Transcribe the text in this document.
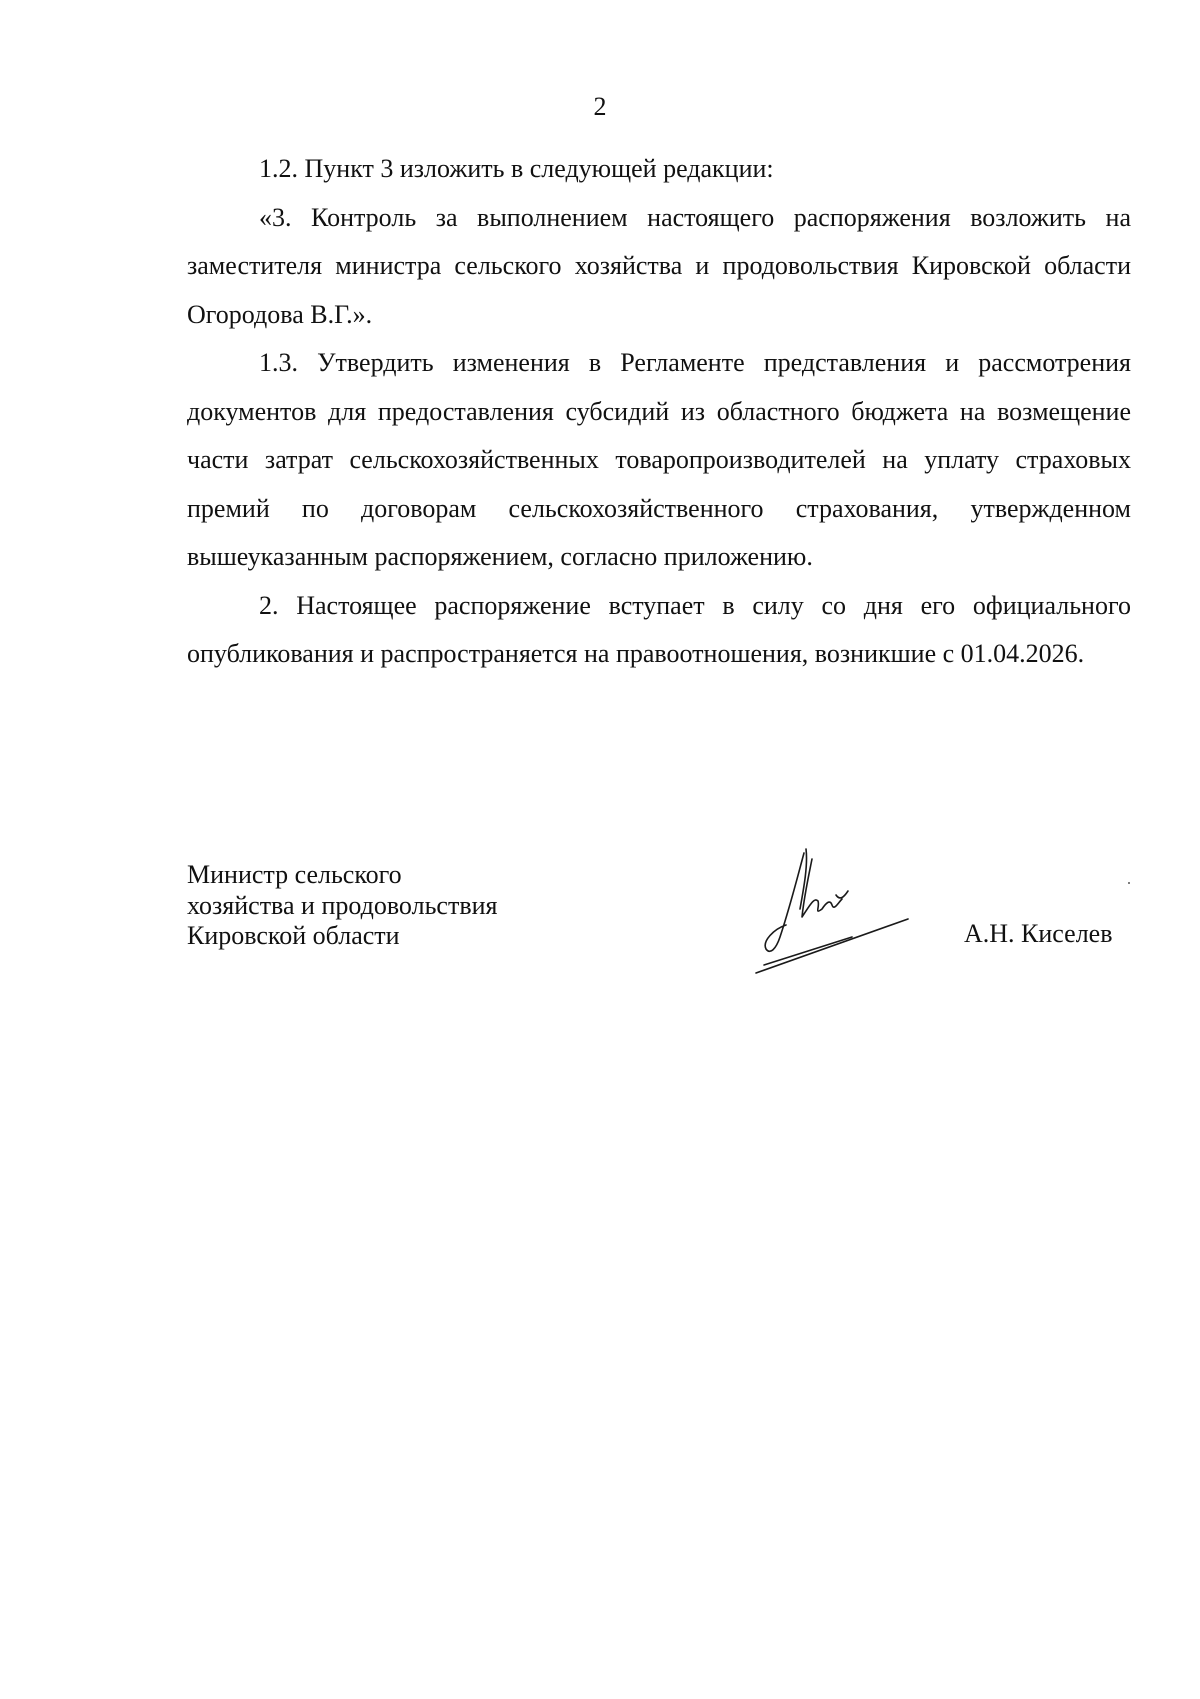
2

1.2. Пункт 3 изложить в следующей редакции:

«3. Контроль за выполнением настоящего распоряжения возложить на заместителя министра сельского хозяйства и продовольствия Кировской области Огородова В.Г.».

1.3. Утвердить изменения в Регламенте представления и рассмотрения документов для предоставления субсидий из областного бюджета на возмещение части затрат сельскохозяйственных товаропроизводителей на уплату страховых премий по договорам сельскохозяйственного страхования, утвержденном вышеуказанным распоряжением, согласно приложению.

2. Настоящее распоряжение вступает в силу со дня его официального опубликования и распространяется на правоотношения, возникшие с 01.04.2026.

Министр сельского
хозяйства и продовольствия
Кировской области	А.Н. Киселев
